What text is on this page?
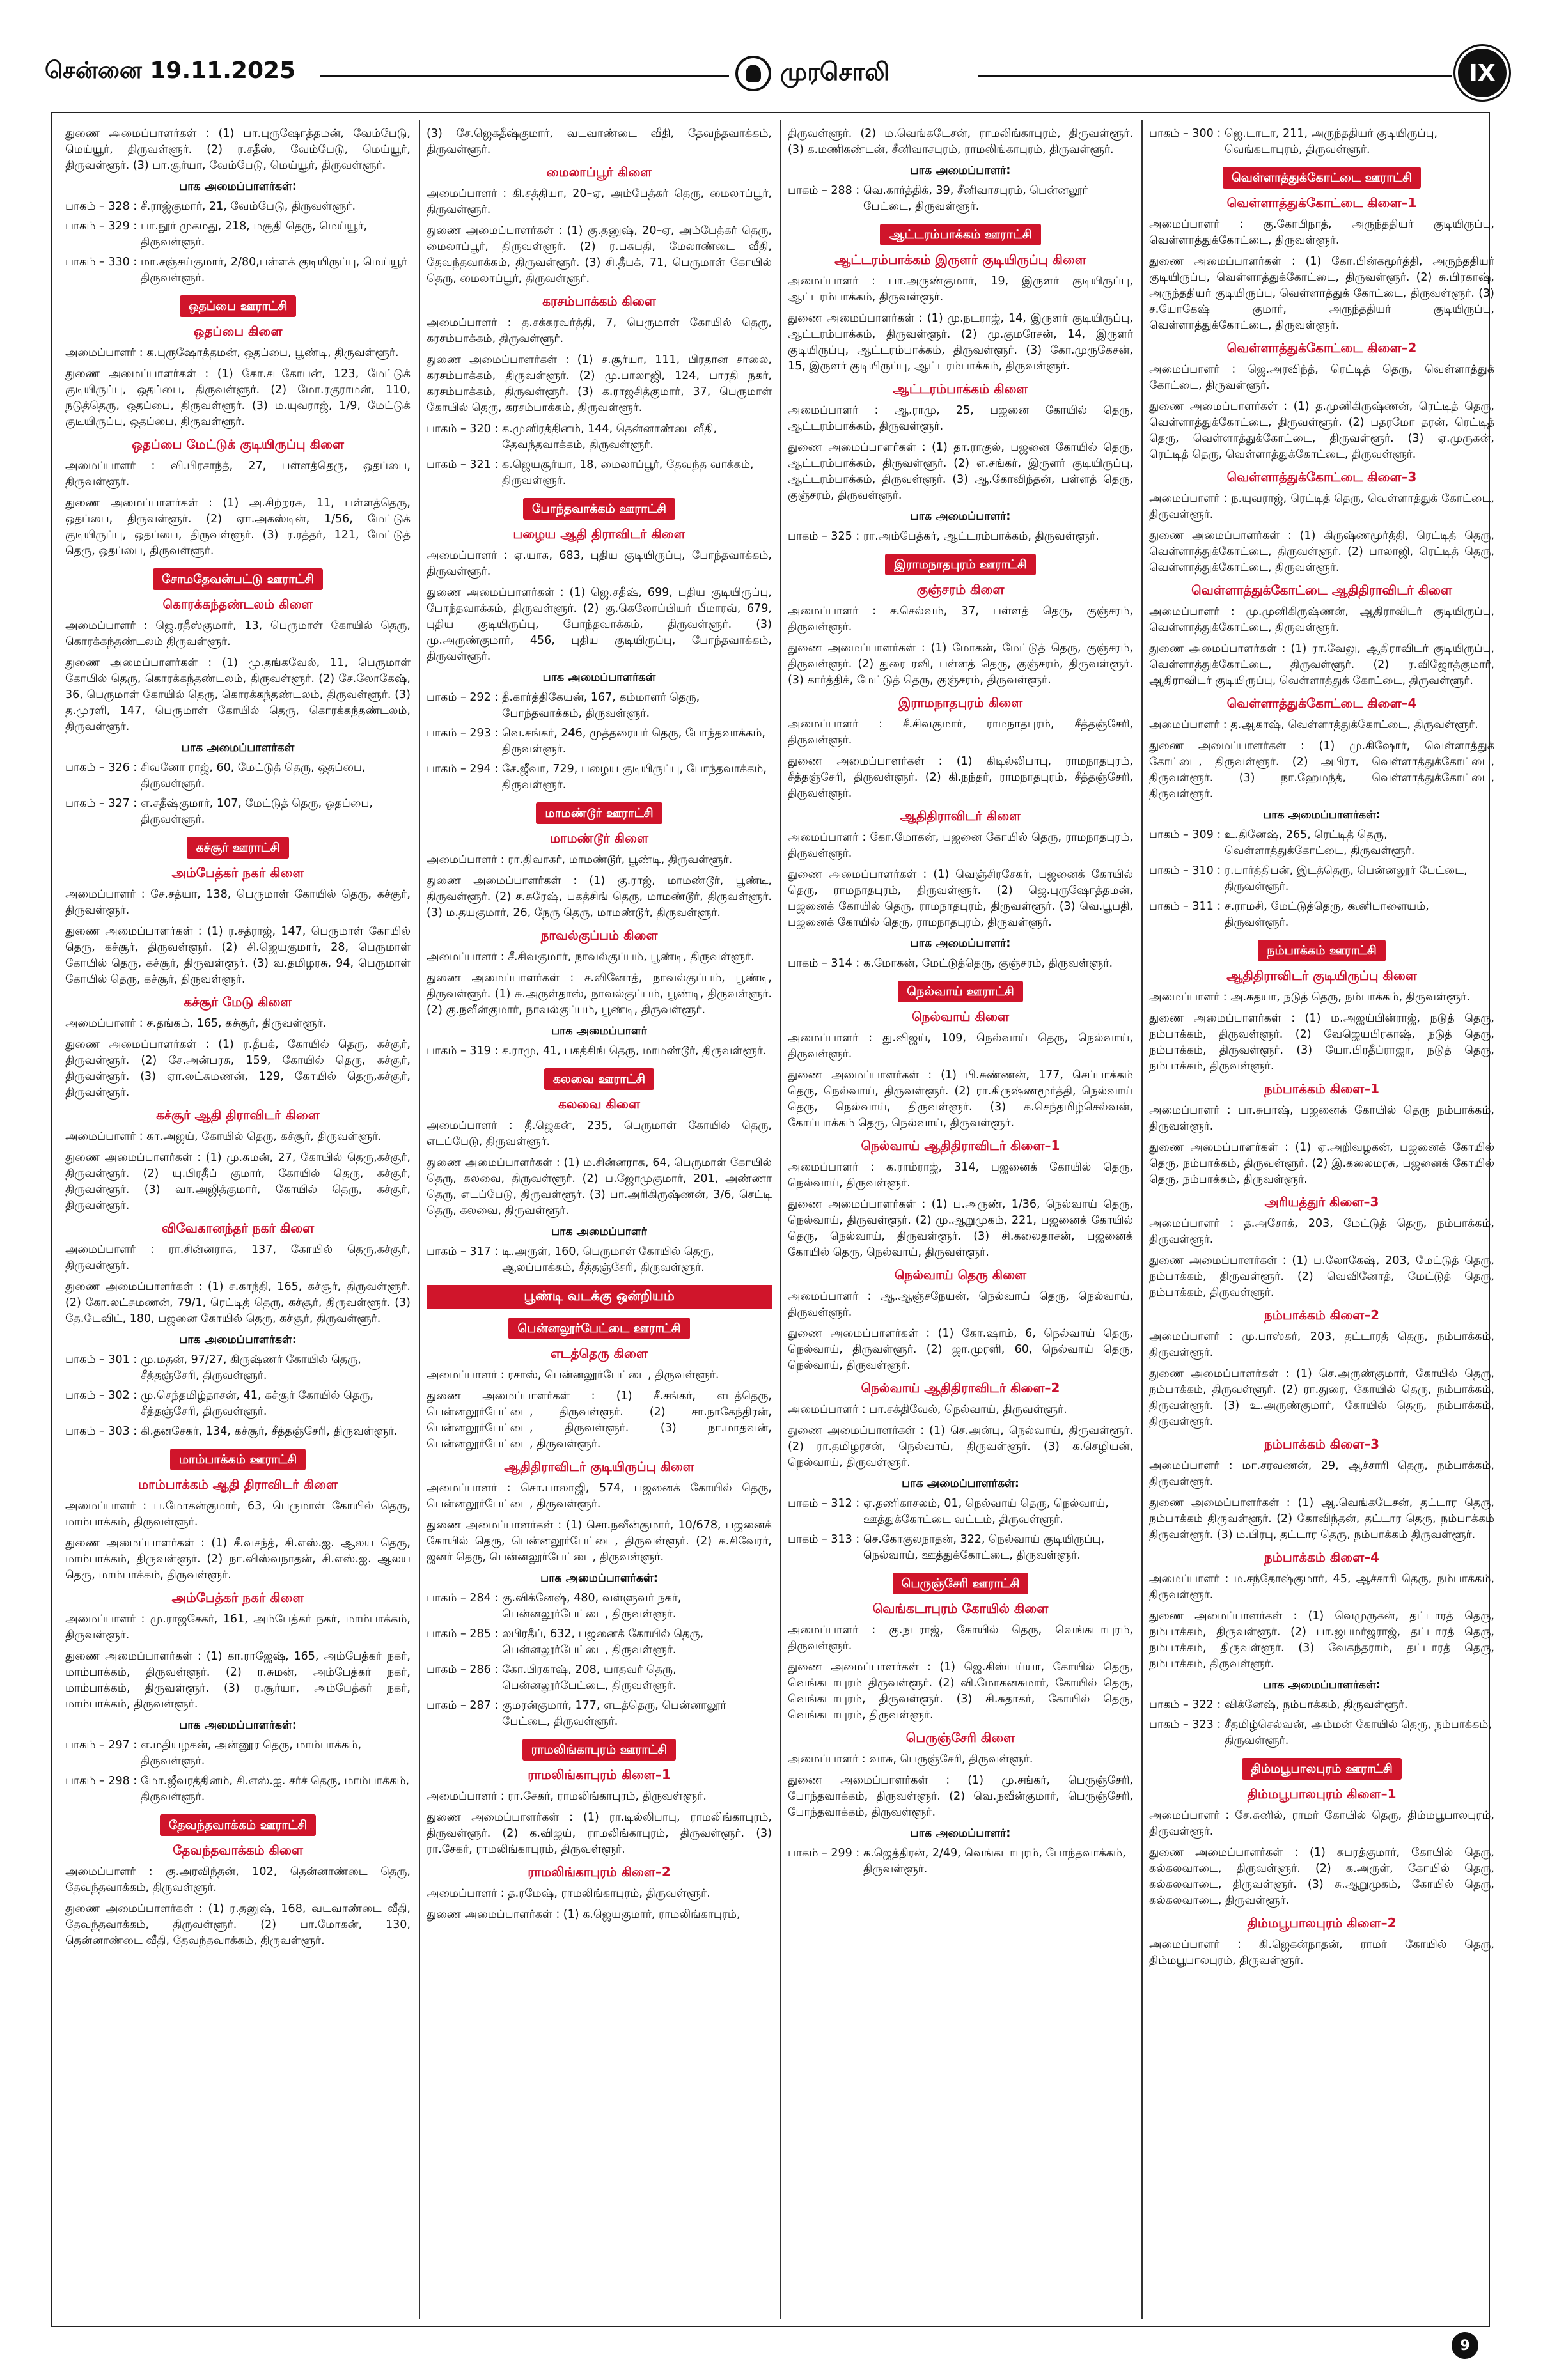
சென்னை 19.11.2025	முரசொலி	IX

துணை அமைப்பாளர்கள் : (1) பா.புருஷோத்தமன், வேம்பேடு, மெய்யூர், திருவள்ளூர். (2) ர.சதீஸ், வேம்பேடு, மெய்யூர், திருவள்ளூர். (3) பா.சூர்யா, வேம்பேடு, மெய்யூர், திருவள்ளூர்.

பாக அமைப்பாளர்கள்:

பாகம் – 328 : சீ.ராஜ்குமார், 21, வேம்பேடு, திருவள்ளூர்.
பாகம் – 329 : பா.நூர் முகமது, 218, மசூதி தெரு, மெய்யூர், திருவள்ளூர்.
பாகம் – 330 : மா.சஞ்சய்குமார், 2/80,பள்ளக் குடியிருப்பு, மெய்யூர் திருவள்ளூர்.
ஒதப்பை ஊராட்சி

ஒதப்பை கிளை

அமைப்பாளர் : க.புருஷோத்தமன், ஒதப்பை, பூண்டி, திருவள்ளூர்.

துணை அமைப்பாளர்கள் : (1) கோ.சடகோபன், 123, மேட்டுக் குடியிருப்பு, ஒதப்பை, திருவள்ளூர். (2) மோ.ரகுராமன், 110, நடுத்தெரு, ஒதப்பை, திருவள்ளூர். (3) ம.யுவராஜ், 1/9, மேட்டுக் குடியிருப்பு, ஒதப்பை, திருவள்ளூர்.

ஒதப்பை மேட்டுக் குடியிருப்பு கிளை

அமைப்பாளர் : வி.பிரசாந்த், 27, பள்ளத்தெரு, ஒதப்பை, திருவள்ளூர்.

துணை அமைப்பாளர்கள் : (1) அ.சிற்றரசு, 11, பள்ளத்தெரு, ஒதப்பை, திருவள்ளூர். (2) ஏா.அகஸ்டின், 1/56, மேட்டுக் குடியிருப்பு, ஒதப்பை, திருவள்ளூர். (3) ர.ரத்தர், 121, மேட்டுத் தெரு, ஒதப்பை, திருவள்ளூர்.

சோமதேவன்பட்டு ஊராட்சி

கொரக்கந்தண்டலம் கிளை

அமைப்பாளர் : ஜெ.ரதீஸ்குமார், 13, பெருமாள் கோயில் தெரு, கொரக்கந்தண்டலம் திருவள்ளூர்.

துணை அமைப்பாளர்கள் : (1) மு.தங்கவேல், 11, பெருமாள் கோயில் தெரு, கொரக்கந்தண்டலம், திருவள்ளூர். (2) சே.லோகேஷ், 36, பெருமாள் கோயில் தெரு, கொரக்கந்தண்டலம், திருவள்ளூர். (3) த.முரளி, 147, பெருமாள் கோயில் தெரு, கொரக்கந்தண்டலம், திருவள்ளூர்.

பாக அமைப்பாளர்கள்

பாகம் – 326 : சிவனோ ராஜ், 60, மேட்டுத் தெரு, ஒதப்பை, திருவள்ளூர்.
பாகம் – 327 : எ.சதீஷ்குமார், 107, மேட்டுத் தெரு, ஒதப்பை, திருவள்ளூர்.
கச்சூர் ஊராட்சி

அம்பேத்கர் நகர் கிளை

அமைப்பாளர் : சே.சத்யா, 138, பெருமாள் கோயில் தெரு, கச்சூர், திருவள்ளூர்.

துணை அமைப்பாளர்கள் : (1) ர.சத்ராஜ், 147, பெருமாள் கோயில் தெரு, கச்சூர், திருவள்ளூர். (2) சி.ஜெயகுமார், 28, பெருமாள் கோயில் தெரு, கச்சூர், திருவள்ளூர். (3) வ.தமிழரசு, 94, பெருமாள் கோயில் தெரு, கச்சூர், திருவள்ளூர்.

கச்சூர் மேடு கிளை

அமைப்பாளர் : ச.தங்கம், 165, கச்சூர், திருவள்ளூர்.

துணை அமைப்பாளர்கள் : (1) ர.தீபக், கோயில் தெரு, கச்சூர், திருவள்ளூர். (2) சே.அன்பரசு, 159, கோயில் தெரு, கச்சூர், திருவள்ளூர். (3) ஏா.லட்சுமணன், 129, கோயில் தெரு,கச்சூர், திருவள்ளூர்.

கச்சூர் ஆதி திராவிடர் கிளை

அமைப்பாளர் : கா.அஜய், கோயில் தெரு, கச்சூர், திருவள்ளூர்.

துணை அமைப்பாளர்கள் : (1) மு.சுமன், 27, கோயில் தெரு,கச்சூர், திருவள்ளூர். (2) யு.பிரதீப் குமார், கோயில் தெரு, கச்சூர், திருவள்ளூர். (3) வா.அஜித்குமார், கோயில் தெரு, கச்சூர், திருவள்ளூர்.

விவேகானந்தர் நகர் கிளை

அமைப்பாளர் : ரா.சின்னராசு, 137, கோயில் தெரு,கச்சூர், திருவள்ளூர்.

துணை அமைப்பாளர்கள் : (1) ச.காந்தி, 165, கச்சூர், திருவள்ளூர். (2) கோ.லட்சுமணன், 79/1, ரெட்டித் தெரு, கச்சூர், திருவள்ளூர். (3) தே.டேவிட், 180, பஜனை கோயில் தெரு, கச்சூர், திருவள்ளூர்.

பாக அமைப்பாளர்கள்:

பாகம் – 301 : மு.மதன், 97/27, கிருஷ்ணர் கோயில் தெரு, சீத்தஞ்சேரி, திருவள்ளூர்.
பாகம் – 302 : மு.செந்தமிழ்தாசன், 41, கச்சூர் கோயில் தெரு, சீத்தஞ்சேரி, திருவள்ளூர்.
பாகம் – 303 : கி.தனசேகர், 134, கச்சூர், சீத்தஞ்சேரி, திருவள்ளூர்.
மாம்பாக்கம் ஊராட்சி

மாம்பாக்கம் ஆதி திராவிடர் கிளை

அமைப்பாளர் : ப.மோகன்குமார், 63, பெருமாள் கோயில் தெரு, மாம்பாக்கம், திருவள்ளூர்.

துணை அமைப்பாளர்கள் : (1) சீ.வசந்த், சி.எஸ்.ஐ. ஆலய தெரு, மாம்பாக்கம், திருவள்ளூர். (2) நா.விஸ்வநாதன், சி.எஸ்.ஐ. ஆலய தெரு, மாம்பாக்கம், திருவள்ளூர்.

அம்பேத்கர் நகர் கிளை

அமைப்பாளர் : மு.ராஜசேகர், 161, அம்பேத்கர் நகர், மாம்பாக்கம், திருவள்ளூர்.

துணை அமைப்பாளர்கள் : (1) கா.ராஜேஷ், 165, அம்பேத்கர் நகர், மாம்பாக்கம், திருவள்ளூர். (2) ர.சுமன், அம்பேத்கர் நகர், மாம்பாக்கம், திருவள்ளூர். (3) ர.சூர்யா, அம்பேத்கர் நகர், மாம்பாக்கம், திருவள்ளூர்.

பாக அமைப்பாளர்கள்:

பாகம் – 297 : எ.மதியழகன், அன்னூர தெரு, மாம்பாக்கம், திருவள்ளூர்.
பாகம் – 298 : மோ.ஜீவரத்தினம், சி.எஸ்.ஐ. சர்ச் தெரு, மாம்பாக்கம், திருவள்ளூர்.
தேவந்தவாக்கம் ஊராட்சி

தேவந்தவாக்கம் கிளை

அமைப்பாளர் : கு.அரவிந்தன், 102, தென்னாண்டை தெரு, தேவந்தவாக்கம், திருவள்ளூர்.

துணை அமைப்பாளர்கள் : (1) ர.தனுஷ், 168, வடவாண்டை வீதி, தேவந்தவாக்கம், திருவள்ளூர். (2) பா.மோகன், 130, தென்னாண்டை வீதி, தேவந்தவாக்கம், திருவள்ளூர்.

(3) சே.ஜெகதீஷ்குமார், வடவாண்டை வீதி, தேவந்தவாக்கம், திருவள்ளூர்.

மைலாப்பூர் கிளை

அமைப்பாளர் : கி.சத்தியா, 20–ஏ, அம்பேத்கர் தெரு, மைலாப்பூர், திருவள்ளூர்.

துணை அமைப்பாளர்கள் : (1) கு.தனுஷ், 20–ஏ, அம்பேத்கர் தெரு, மைலாப்பூர், திருவள்ளூர். (2) ர.பசுபதி, மேலாண்டை வீதி, தேவந்தவாக்கம், திருவள்ளூர். (3) சி.தீபக், 71, பெருமாள் கோயில் தெரு, மைலாப்பூர், திருவள்ளூர்.

கரசம்பாக்கம் கிளை

அமைப்பாளர் : த.சக்கரவர்த்தி, 7, பெருமாள் கோயில் தெரு, கரசம்பாக்கம், திருவள்ளூர்.

துணை அமைப்பாளர்கள் : (1) ச.சூர்யா, 111, பிரதான சாலை, கரசம்பாக்கம், திருவள்ளூர். (2) மு.பாலாஜி, 124, பாரதி நகர், கரசம்பாக்கம், திருவள்ளூர். (3) க.ராஜசித்குமார், 37, பெருமாள் கோயில் தெரு, கரசம்பாக்கம், திருவள்ளூர்.

பாகம் – 320 : க.முனிரத்தினம், 144, தென்னாண்டைவீதி, தேவந்தவாக்கம், திருவள்ளூர்.
பாகம் – 321 : க.ஜெயசூர்யா, 18, மைலாப்பூர், தேவந்த வாக்கம், திருவள்ளூர்.
போந்தவாக்கம் ஊராட்சி

பழைய ஆதி திராவிடர் கிளை

அமைப்பாளர் : ஏ.யாசு, 683, புதிய குடியிருப்பு, போந்தவாக்கம், திருவள்ளூர்.

துணை அமைப்பாளர்கள் : (1) ஜெ.சதீஷ், 699, புதிய குடியிருப்பு, போந்தவாக்கம், திருவள்ளூர். (2) கு.கெலோப்பியர் பீமாரவ், 679, புதிய குடியிருப்பு, போந்தவாக்கம், திருவள்ளூர். (3) மு.அருண்குமார், 456, புதிய குடியிருப்பு, போந்தவாக்கம், திருவள்ளூர்.

பாக அமைப்பாளர்கள்

பாகம் – 292 : தீ.கார்த்திகேயன், 167, கம்மாளர் தெரு, போந்தவாக்கம், திருவள்ளூர்.
பாகம் – 293 : வெ.சங்கர், 246, முத்தரையர் தெரு, போந்தவாக்கம், திருவள்ளூர்.
பாகம் – 294 : சே.ஜீவா, 729, பழைய குடியிருப்பு, போந்தவாக்கம், திருவள்ளூர்.
மாமண்டூர் ஊராட்சி

மாமண்டூர் கிளை

அமைப்பாளர் : ரா.திவாகர், மாமண்டூர், பூண்டி, திருவள்ளூர்.

துணை அமைப்பாளர்கள் : (1) கு.ராஜ், மாமண்டூர், பூண்டி, திருவள்ளூர். (2) ச.சுரேஷ், பகத்சிங் தெரு, மாமண்டூர், திருவள்ளூர். (3) ம.தயகுமார், 26, நேரு தெரு, மாமண்டூர், திருவள்ளூர்.

நாவல்குப்பம் கிளை

அமைப்பாளர் : சீ.சிவகுமார், நாவல்குப்பம், பூண்டி, திருவள்ளூர்.

துணை அமைப்பாளர்கள் : ச.வினோத், நாவல்குப்பம், பூண்டி, திருவள்ளூர். (1) சு.அருள்தாஸ், நாவல்குப்பம், பூண்டி, திருவள்ளூர். (2) கு.நவீன்குமார், நாவல்குப்பம், பூண்டி, திருவள்ளூர்.

பாக அமைப்பாளர்

பாகம் – 319 : ச.ராமு, 41, பகத்சிங் தெரு, மாமண்டூர், திருவள்ளூர்.
கலவை ஊராட்சி

கலவை கிளை

அமைப்பாளர் : தீ.ஜெகன், 235, பெருமாள் கோயில் தெரு, எடப்பேடு, திருவள்ளூர்.

துணை அமைப்பாளர்கள் : (1) ம.சின்னராசு, 64, பெருமாள் கோயில் தெரு, கலவை, திருவள்ளூர். (2) ப.ஜோமுகுமார், 201, அண்ணா தெரு, எடப்பேடு, திருவள்ளூர். (3) பா.அரிகிருஷ்ணன், 3/6, செட்டி தெரு, கலவை, திருவள்ளூர்.

பாக அமைப்பாளர்

பாகம் – 317 : டி.அருள், 160, பெருமாள் கோயில் தெரு, ஆலப்பாக்கம், சீத்தஞ்சேரி, திருவள்ளூர்.
பூண்டி வடக்கு ஒன்றியம்
பென்னலூர்பேட்டை ஊராட்சி

எடத்தெரு கிளை

அமைப்பாளர் : ரசாஸ், பென்னலூர்பேட்டை, திருவள்ளூர்.

துணை அமைப்பாளர்கள் : (1) சீ.சங்கர், எடத்தெரு, பென்னலூர்பேட்டை, திருவள்ளூர். (2) சா.நாகேந்திரன், பென்னலூர்பேட்டை, திருவள்ளூர். (3) நா.மாதவன், பென்னலூர்பேட்டை, திருவள்ளூர்.

ஆதிதிராவிடர் குடியிருப்பு கிளை

அமைப்பாளர் : சொ.பாலாஜி, 574, பஜனைக் கோயில் தெரு, பென்னலூர்பேட்டை, திருவள்ளூர்.

துணை அமைப்பாளர்கள் : (1) சொ.நவீன்குமார், 10/678, பஜனைக் கோயில் தெரு, பென்னலூர்பேட்டை, திருவள்ளூர். (2) க.சிவேரர், ஜனர் தெரு, பென்னலூர்பேட்டை, திருவள்ளூர்.

பாக அமைப்பாளர்கள்:

பாகம் – 284 : கு.விக்னேஷ், 480, வள்ளுவர் நகர், பென்னலூர்பேட்டை, திருவள்ளூர்.
பாகம் – 285 : லபிரதீப், 632, பஜனைக் கோயில் தெரு, பென்னலூர்பேட்டை, திருவள்ளூர்.
பாகம் – 286 : கோ.பிரகாஷ், 208, யாதவர் தெரு, பென்னலூர்பேட்டை, திருவள்ளூர்.
பாகம் – 287 : குமரன்குமார், 177, எடத்தெரு, பென்னாலூர் பேட்டை, திருவள்ளூர்.
ராமலிங்காபுரம் ஊராட்சி

ராமலிங்காபுரம் கிளை–1

அமைப்பாளர் : ரா.சேகர், ராமலிங்காபுரம், திருவள்ளூர்.

துணை அமைப்பாளர்கள் : (1) ரா.டில்லிபாபு, ராமலிங்காபுரம், திருவள்ளூர். (2) க.விஜய், ராமலிங்காபுரம், திருவள்ளூர். (3) ரா.சேகர், ராமலிங்காபுரம், திருவள்ளூர்.

ராமலிங்காபுரம் கிளை–2

அமைப்பாளர் : த.ரமேஷ், ராமலிங்காபுரம், திருவள்ளூர்.

துணை அமைப்பாளர்கள் : (1) க.ஜெயகுமார், ராமலிங்காபுரம்,

திருவள்ளூர். (2) ம.வெங்கடேசன், ராமலிங்காபுரம், திருவள்ளூர். (3) க.மணிகண்டன், சீனிவாசபுரம், ராமலிங்காபுரம், திருவள்ளூர்.

பாக அமைப்பாளர்:

பாகம் – 288 : வெ.கார்த்திக், 39, சீனிவாசபுரம், பென்னலூர் பேட்டை, திருவள்ளூர்.
ஆட்டரம்பாக்கம் ஊராட்சி

ஆட்டரம்பாக்கம் இருளர் குடியிருப்பு கிளை

அமைப்பாளர் : பா.அருண்குமார், 19, இருளர் குடியிருப்பு, ஆட்டரம்பாக்கம், திருவள்ளூர்.

துணை அமைப்பாளர்கள் : (1) மு.நடராஜ், 14, இருளர் குடியிருப்பு, ஆட்டரம்பாக்கம், திருவள்ளூர். (2) மு.குமரேசன், 14, இருளர் குடியிருப்பு, ஆட்டரம்பாக்கம், திருவள்ளூர். (3) கோ.முருகேசன், 15, இருளர் குடியிருப்பு, ஆட்டரம்பாக்கம், திருவள்ளூர்.

ஆட்டரம்பாக்கம் கிளை

அமைப்பாளர் : ஆ.ராமு, 25, பஜனை கோயில் தெரு, ஆட்டரம்பாக்கம், திருவள்ளூர்.

துணை அமைப்பாளர்கள் : (1) தா.ராகுல், பஜனை கோயில் தெரு, ஆட்டரம்பாக்கம், திருவள்ளூர். (2) எ.சங்கர், இருளர் குடியிருப்பு, ஆட்டரம்பாக்கம், திருவள்ளூர். (3) ஆ.கோவிந்தன், பள்ளத் தெரு, குஞ்சரம், திருவள்ளூர்.

பாக அமைப்பாளர்:

பாகம் – 325 : ரா.அம்பேத்கர், ஆட்டரம்பாக்கம், திருவள்ளூர்.
இராமநாதபுரம் ஊராட்சி

குஞ்சரம் கிளை

அமைப்பாளர் : ச.செல்வம், 37, பள்ளத் தெரு, குஞ்சரம், திருவள்ளூர்.

துணை அமைப்பாளர்கள் : (1) மோகன், மேட்டுத் தெரு, குஞ்சரம், திருவள்ளூர். (2) துரை ரவி, பள்ளத் தெரு, குஞ்சரம், திருவள்ளூர். (3) கார்த்திக், மேட்டுத் தெரு, குஞ்சரம், திருவள்ளூர்.

இராமநாதபுரம் கிளை

அமைப்பாளர் : சீ.சிவகுமார், ராமநாதபுரம், சீத்தஞ்சேரி, திருவள்ளூர்.

துணை அமைப்பாளர்கள் : (1) கிடில்லிபாபு, ராமநாதபுரம், சீத்தஞ்சேரி, திருவள்ளூர். (2) கி.நந்தர், ராமநாதபுரம், சீத்தஞ்சேரி, திருவள்ளூர்.

ஆதிதிராவிடர் கிளை

அமைப்பாளர் : கோ.மோகன், பஜனை கோயில் தெரு, ராமநாதபுரம், திருவள்ளூர்.

துணை அமைப்பாளர்கள் : (1) வெஞ்சிரசேகர், பஜனைக் கோயில் தெரு, ராமநாதபுரம், திருவள்ளூர். (2) ஜெ.புருஷோத்தமன், பஜனைக் கோயில் தெரு, ராமநாதபுரம், திருவள்ளூர். (3) வெ.பூபதி, பஜனைக் கோயில் தெரு, ராமநாதபுரம், திருவள்ளூர்.

பாக அமைப்பாளர்:

பாகம் – 314 : க.மோகன், மேட்டுத்தெரு, குஞ்சரம், திருவள்ளூர்.
நெல்வாய் ஊராட்சி

நெல்வாய் கிளை

அமைப்பாளர் : து.விஜய், 109, நெல்வாய் தெரு, நெல்வாய், திருவள்ளூர்.

துணை அமைப்பாளர்கள் : (1) பி.சுண்ணன், 177, செப்பாக்கம் தெரு, நெல்வாய், திருவள்ளூர். (2) ரா.கிருஷ்ணமூர்த்தி, நெல்வாய் தெரு, நெல்வாய், திருவள்ளூர். (3) க.செந்தமிழ்செல்வன், கோப்பாக்கம் தெரு, நெல்வாய், திருவள்ளூர்.

நெல்வாய் ஆதிதிராவிடர் கிளை–1

அமைப்பாளர் : க.ராம்ராஜ், 314, பஜனைக் கோயில் தெரு, நெல்வாய், திருவள்ளூர்.

துணை அமைப்பாளர்கள் : (1) ப.அருண், 1/36, நெல்வாய் தெரு, நெல்வாய், திருவள்ளூர். (2) மு.ஆறுமுகம், 221, பஜனைக் கோயில் தெரு, நெல்வாய், திருவள்ளூர். (3) சி.கலைதாசன், பஜனைக் கோயில் தெரு, நெல்வாய், திருவள்ளூர்.

நெல்வாய் தெரு கிளை

அமைப்பாளர் : ஆ.ஆஞ்சநேயன், நெல்வாய் தெரு, நெல்வாய், திருவள்ளூர்.

துணை அமைப்பாளர்கள் : (1) கோ.ஷாம், 6, நெல்வாய் தெரு, நெல்வாய், திருவள்ளூர். (2) ஜா.முரளி, 60, நெல்வாய் தெரு, நெல்வாய், திருவள்ளூர்.

நெல்வாய் ஆதிதிராவிடர் கிளை–2

அமைப்பாளர் : பா.சக்திவேல், நெல்வாய், திருவள்ளூர்.

துணை அமைப்பாளர்கள் : (1) செ.அன்பு, நெல்வாய், திருவள்ளூர். (2) ரா.தமிழரசன், நெல்வாய், திருவள்ளூர். (3) க.செழியன், நெல்வாய், திருவள்ளூர்.

பாக அமைப்பாளர்கள்:

பாகம் – 312 : ஏ.தணிகாசலம், 01, நெல்வாய் தெரு, நெல்வாய், ஊத்துக்கோட்டை வட்டம், திருவள்ளூர்.
பாகம் – 313 : செ.கோகுலநாதன், 322, நெல்வாய் குடியிருப்பு, நெல்வாய், ஊத்துக்கோட்டை, திருவள்ளூர்.
பெருஞ்சேரி ஊராட்சி

வெங்கடாபுரம் கோயில் கிளை

அமைப்பாளர் : கு.நடராஜ், கோயில் தெரு, வெங்கடாபுரம், திருவள்ளூர்.

துணை அமைப்பாளர்கள் : (1) ஜெ.கிஸ்டய்யா, கோயில் தெரு, வெங்கடாபுரம் திருவள்ளூர். (2) வி.மோகனசுமார், கோயில் தெரு, வெங்கடாபுரம், திருவள்ளூர். (3) சி.சுதாகர், கோயில் தெரு, வெங்கடாபுரம், திருவள்ளூர்.

பெருஞ்சேரி கிளை

அமைப்பாளர் : வாசு, பெருஞ்சேரி, திருவள்ளூர்.

துணை அமைப்பாளர்கள் : (1) மு.சங்கர், பெருஞ்சேரி, போந்தவாக்கம், திருவள்ளூர். (2) வெ.நவீன்குமார், பெருஞ்சேரி, போந்தவாக்கம், திருவள்ளூர்.

பாக அமைப்பாளர்:

பாகம் – 299 : க.ஜெத்திரன், 2/49, வெங்கடாபுரம், போந்தவாக்கம், திருவள்ளூர்.
பாகம் – 300 : ஜெ.டாடா, 211, அருந்ததியர் குடியிருப்பு, வெங்கடாபுரம், திருவள்ளூர்.
வெள்ளாத்துக்கோட்டை ஊராட்சி

வெள்ளாத்துக்கோட்டை கிளை–1

அமைப்பாளர் : கு.கோபிநாத், அருந்ததியர் குடியிருப்பு, வெள்ளாத்துக்கோட்டை, திருவள்ளூர்.

துணை அமைப்பாளர்கள் : (1) கோ.பின்கமூர்த்தி, அருந்ததியர் குடியிருப்பு, வெள்ளாத்துக்கோட்டை, திருவள்ளூர். (2) சு.பிரகாஷ், அருந்ததியர் குடியிருப்பு, வெள்ளாத்துக் கோட்டை, திருவள்ளூர். (3) ச.யோகேஷ் குமார், அருந்ததியர் குடியிருப்பு, வெள்ளாத்துக்கோட்டை, திருவள்ளூர்.

வெள்ளாத்துக்கோட்டை கிளை–2

அமைப்பாளர் : ஜெ.அரவிந்த், ரெட்டித் தெரு, வெள்ளாத்துக் கோட்டை, திருவள்ளூர்.

துணை அமைப்பாளர்கள் : (1) த.முனிகிருஷ்ணன், ரெட்டித் தெரு, வெள்ளாத்துக்கோட்டை, திருவள்ளூர். (2) பதரமோ தரன், ரெட்டித் தெரு, வெள்ளாத்துக்கோட்டை, திருவள்ளூர். (3) ஏ.முருகன், ரெட்டித் தெரு, வெள்ளாத்துக்கோட்டை, திருவள்ளூர்.

வெள்ளாத்துக்கோட்டை கிளை–3

அமைப்பாளர் : ந.யுவராஜ், ரெட்டித் தெரு, வெள்ளாத்துக் கோட்டை, திருவள்ளூர்.

துணை அமைப்பாளர்கள் : (1) கிருஷ்ணமூர்த்தி, ரெட்டித் தெரு, வெள்ளாத்துக்கோட்டை, திருவள்ளூர். (2) பாலாஜி, ரெட்டித் தெரு, வெள்ளாத்துக்கோட்டை, திருவள்ளூர்.

வெள்ளாத்துக்கோட்டை ஆதிதிராவிடர் கிளை

அமைப்பாளர் : மு.முனிகிருஷ்ணன், ஆதிராவிடர் குடியிருப்பு, வெள்ளாத்துக்கோட்டை, திருவள்ளூர்.

துணை அமைப்பாளர்கள் : (1) ரா.வேலு, ஆதிராவிடர் குடியிருப்பு, வெள்ளாத்துக்கோட்டை, திருவள்ளூர். (2) ர.விஜோத்குமார், ஆதிராவிடர் குடியிருப்பு, வெள்ளாத்துக் கோட்டை, திருவள்ளூர்.

வெள்ளாத்துக்கோட்டை கிளை–4

அமைப்பாளர் : த.ஆகாஷ், வெள்ளாத்துக்கோட்டை, திருவள்ளூர்.

துணை அமைப்பாளர்கள் : (1) மு.கிஷோர், வெள்ளாத்துக் கோட்டை, திருவள்ளூர். (2) அபிரா, வெள்ளாத்துக்கோட்டை, திருவள்ளூர். (3) நா.ஹேமந்த், வெள்ளாத்துக்கோட்டை, திருவள்ளூர்.

பாக அமைப்பாளர்கள்:

பாகம் – 309 : உ.தினேஷ், 265, ரெட்டித் தெரு, வெள்ளாத்துக்கோட்டை, திருவள்ளூர்.
பாகம் – 310 : ர.பார்த்திபன், இடத்தெரு, பென்னலூர் பேட்டை, திருவள்ளூர்.
பாகம் – 311 : ச.ராமசி, மேட்டுத்தெரு, கூனிபாளையம், திருவள்ளூர்.
நம்பாக்கம் ஊராட்சி

ஆதிதிராவிடர் குடியிருப்பு கிளை

அமைப்பாளர் : அ.சுதயா, நடுத் தெரு, நம்பாக்கம், திருவள்ளூர்.

துணை அமைப்பாளர்கள் : (1) ம.அஜய்பின்ராஜ், நடுத் தெரு, நம்பாக்கம், திருவள்ளூர். (2) வேஜெயபிரகாஷ், நடுத் தெரு, நம்பாக்கம், திருவள்ளூர். (3) யோ.பிரதீப்ராஜா, நடுத் தெரு, நம்பாக்கம், திருவள்ளூர்.

நம்பாக்கம் கிளை–1

அமைப்பாளர் : பா.சுபாஷ், பஜனைக் கோயில் தெரு நம்பாக்கம், திருவள்ளூர்.

துணை அமைப்பாளர்கள் : (1) ஏ.அறிவழகன், பஜனைக் கோயில் தெரு, நம்பாக்கம், திருவள்ளூர். (2) இ.கலைமரசு, பஜனைக் கோயில் தெரு, நம்பாக்கம், திருவள்ளூர்.

அரியத்துர் கிளை–3

அமைப்பாளர் : த.அசோக், 203, மேட்டுத் தெரு, நம்பாக்கம், திருவள்ளூர்.

துணை அமைப்பாளர்கள் : (1) ப.லோகேஷ், 203, மேட்டுத் தெரு, நம்பாக்கம், திருவள்ளூர். (2) வெவினோத், மேட்டுத் தெரு, நம்பாக்கம், திருவள்ளூர்.

நம்பாக்கம் கிளை–2

அமைப்பாளர் : மு.பாஸ்கர், 203, தட்டாரத் தெரு, நம்பாக்கம், திருவள்ளூர்.

துணை அமைப்பாளர்கள் : (1) செ.அருண்குமார், கோயில் தெரு, நம்பாக்கம், திருவள்ளூர். (2) ரா.துரை, கோயில் தெரு, நம்பாக்கம், திருவள்ளூர். (3) உ.அருண்குமார், கோயில் தெரு, நம்பாக்கம், திருவள்ளூர்.

நம்பாக்கம் கிளை–3

அமைப்பாளர் : மா.சரவணன், 29, ஆச்சாரி தெரு, நம்பாக்கம், திருவள்ளூர்.

துணை அமைப்பாளர்கள் : (1) ஆ.வெங்கடேசன், தட்டார தெரு, நம்பாக்கம் திருவள்ளூர். (2) கோவிந்தன், தட்டார தெரு, நம்பாக்கம் திருவள்ளூர். (3) ம.பிரபு, தட்டார தெரு, நம்பாக்கம் திருவள்ளூர்.

நம்பாக்கம் கிளை–4

அமைப்பாளர் : ம.சந்தோஷ்குமார், 45, ஆச்சாரி தெரு, நம்பாக்கம், திருவள்ளூர்.

துணை அமைப்பாளர்கள் : (1) வெமுருகன், தட்டாரத் தெரு, நம்பாக்கம், திருவள்ளூர். (2) பா.ஜபமர்ஜராஜ், தட்டாரத் தெரு, நம்பாக்கம், திருவள்ளூர். (3) வேகந்தராம், தட்டாரத் தெரு, நம்பாக்கம், திருவள்ளூர்.

பாக அமைப்பாளர்கள்:

பாகம் – 322 : விக்னேஷ், நம்பாக்கம், திருவள்ளூர்.
பாகம் – 323 : சீதமிழ்செல்வன், அம்மன் கோயில் தெரு, நம்பாக்கம், திருவள்ளூர்.
திம்மபூபாலபுரம் ஊராட்சி

திம்மபூபாலபுரம் கிளை–1

அமைப்பாளர் : சே.சுனில், ராமர் கோயில் தெரு, திம்மபூபாலபுரம், திருவள்ளூர்.

துணை அமைப்பாளர்கள் : (1) சுபரத்குமார், கோயில் தெரு, கல்கலவாடை, திருவள்ளூர். (2) க.அருள், கோயில் தெரு, கல்கலவாடை, திருவள்ளூர். (3) சு.ஆறுமுகம், கோயில் தெரு, கல்கலவாடை, திருவள்ளூர்.

திம்மபூபாலபுரம் கிளை–2

அமைப்பாளர் : கி.ஜெகன்நாதன், ராமர் கோயில் தெரு, திம்மபூபாலபுரம், திருவள்ளூர்.

9
